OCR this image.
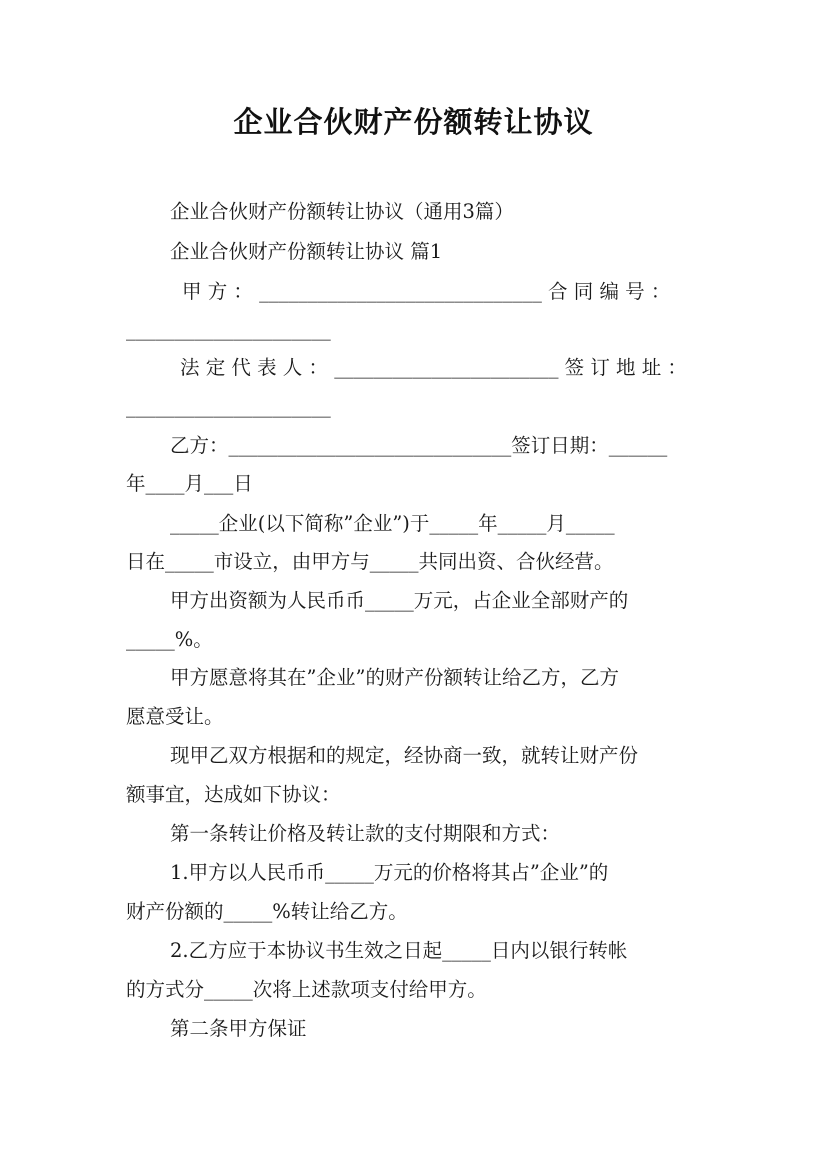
企业合伙财产份额转让协议
企业合伙财产份额转让协议（通用3篇）
企业合伙财产份额转让协议 篇1
甲 方 ： _____________________________ 合 同 编 号 ：
_____________________
法 定 代 表 人 ： _______________________ 签 订 地 址 ：
_____________________
乙方：_____________________________签订日期：______
年____月___日
_____企业(以下简称”企业”)于_____年_____月_____
日在_____市设立，由甲方与_____共同出资、合伙经营。
甲方出资额为人民币币_____万元，占企业全部财产的
_____%。
甲方愿意将其在”企业”的财产份额转让给乙方，乙方
愿意受让。
现甲乙双方根据和的规定，经协商一致，就转让财产份
额事宜，达成如下协议：
第一条转让价格及转让款的支付期限和方式：
1.甲方以人民币币_____万元的价格将其占”企业”的
财产份额的_____%转让给乙方。
2.乙方应于本协议书生效之日起_____日内以银行转帐
的方式分_____次将上述款项支付给甲方。
第二条甲方保证
